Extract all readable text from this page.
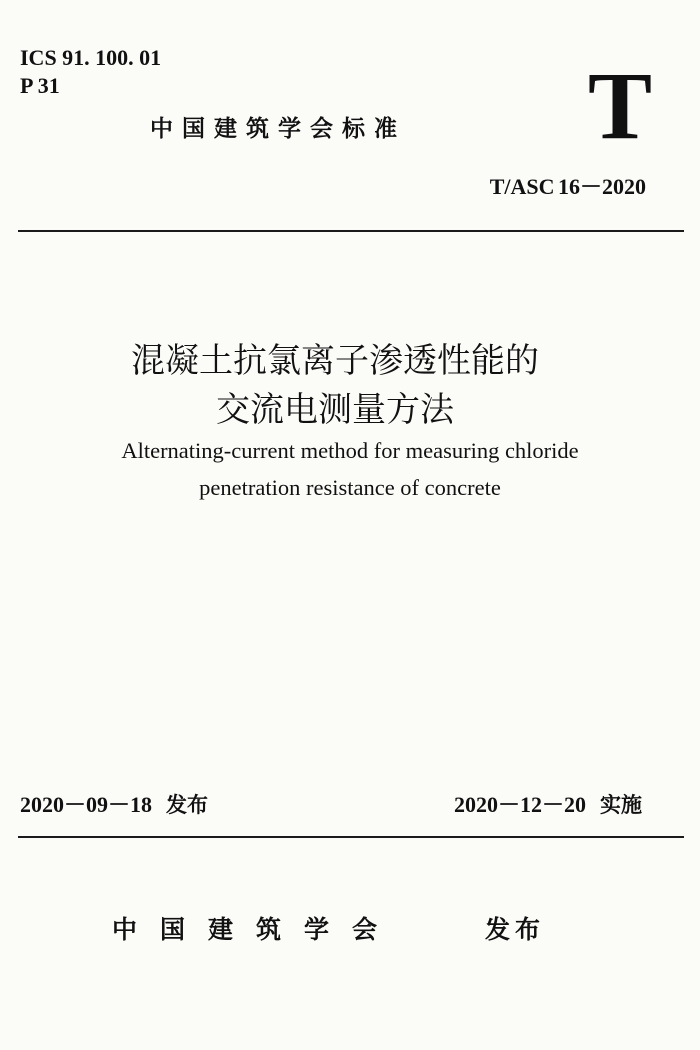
ICS 91. 100. 01
P 31	T
中国建筑学会标准
T/ASC 16－2020
混凝土抗氯离子渗透性能的
交流电测量方法
Alternating-current method for measuring chloride
penetration resistance of concrete
2020－09－18 发布	2020－12－20 实施
中国建筑学会	发布
